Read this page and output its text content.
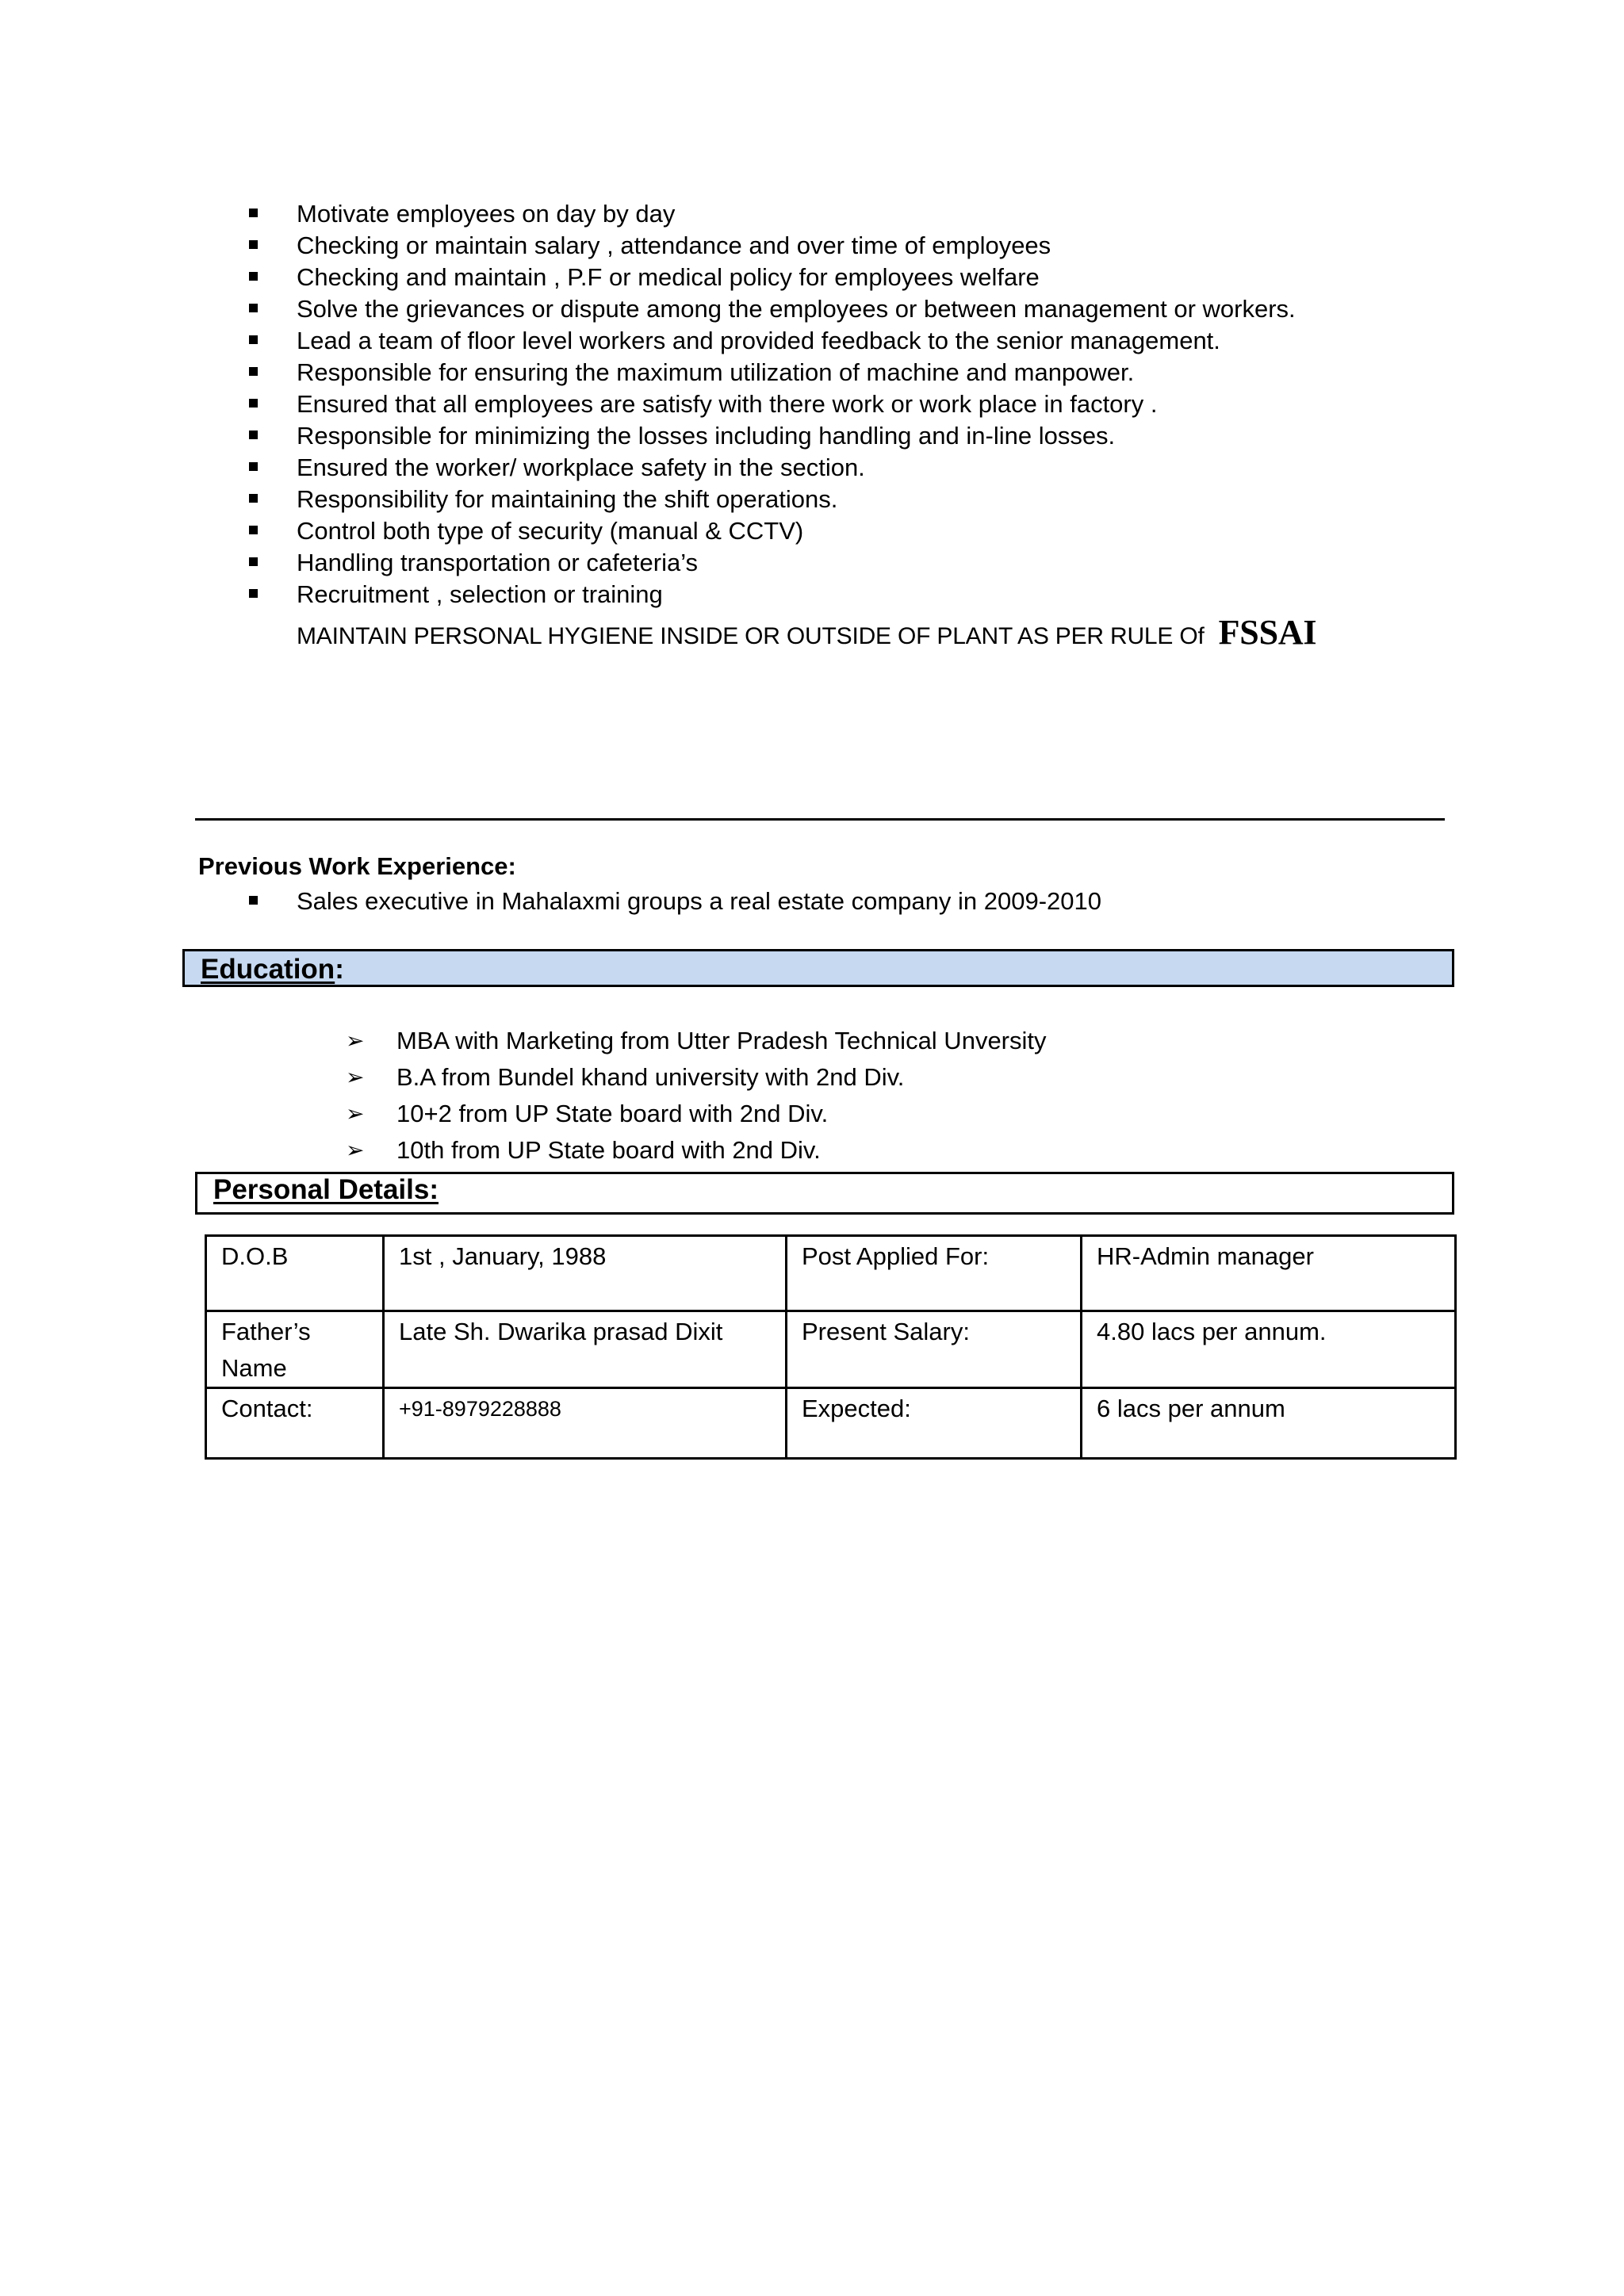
Motivate employees on day by day
Checking or maintain salary , attendance and over time of employees
Checking and maintain , P.F or medical policy for employees welfare
Solve the grievances or dispute among the employees or between management or workers.
Lead a team of floor level workers and provided feedback to the senior management.
Responsible for ensuring the maximum utilization of machine and manpower.
Ensured that all employees are satisfy with there work or work place in factory .
Responsible for minimizing the losses including handling and in-line losses.
Ensured the worker/ workplace safety in the section.
Responsibility for maintaining the shift operations.
Control both type of security (manual & CCTV)
Handling transportation or cafeteria’s
Recruitment , selection or training
MAINTAIN PERSONAL HYGIENE INSIDE OR OUTSIDE OF PLANT AS PER RULE Of FSSAI
Previous Work Experience:
Sales executive in Mahalaxmi groups a real estate company in 2009-2010
Education:
➢ MBA with Marketing from Utter Pradesh Technical Unversity
➢ B.A from Bundel khand university with 2nd Div.
➢ 10+2 from UP State board with 2nd Div.
➢ 10th from UP State board with 2nd Div.
Personal Details:
D.O.B	1st , January, 1988	Post Applied For:	HR-Admin manager
Father’s Name	Late Sh. Dwarika prasad Dixit	Present Salary:	4.80 lacs per annum.
Contact:	+91-8979228888	Expected:	6 lacs per annum
